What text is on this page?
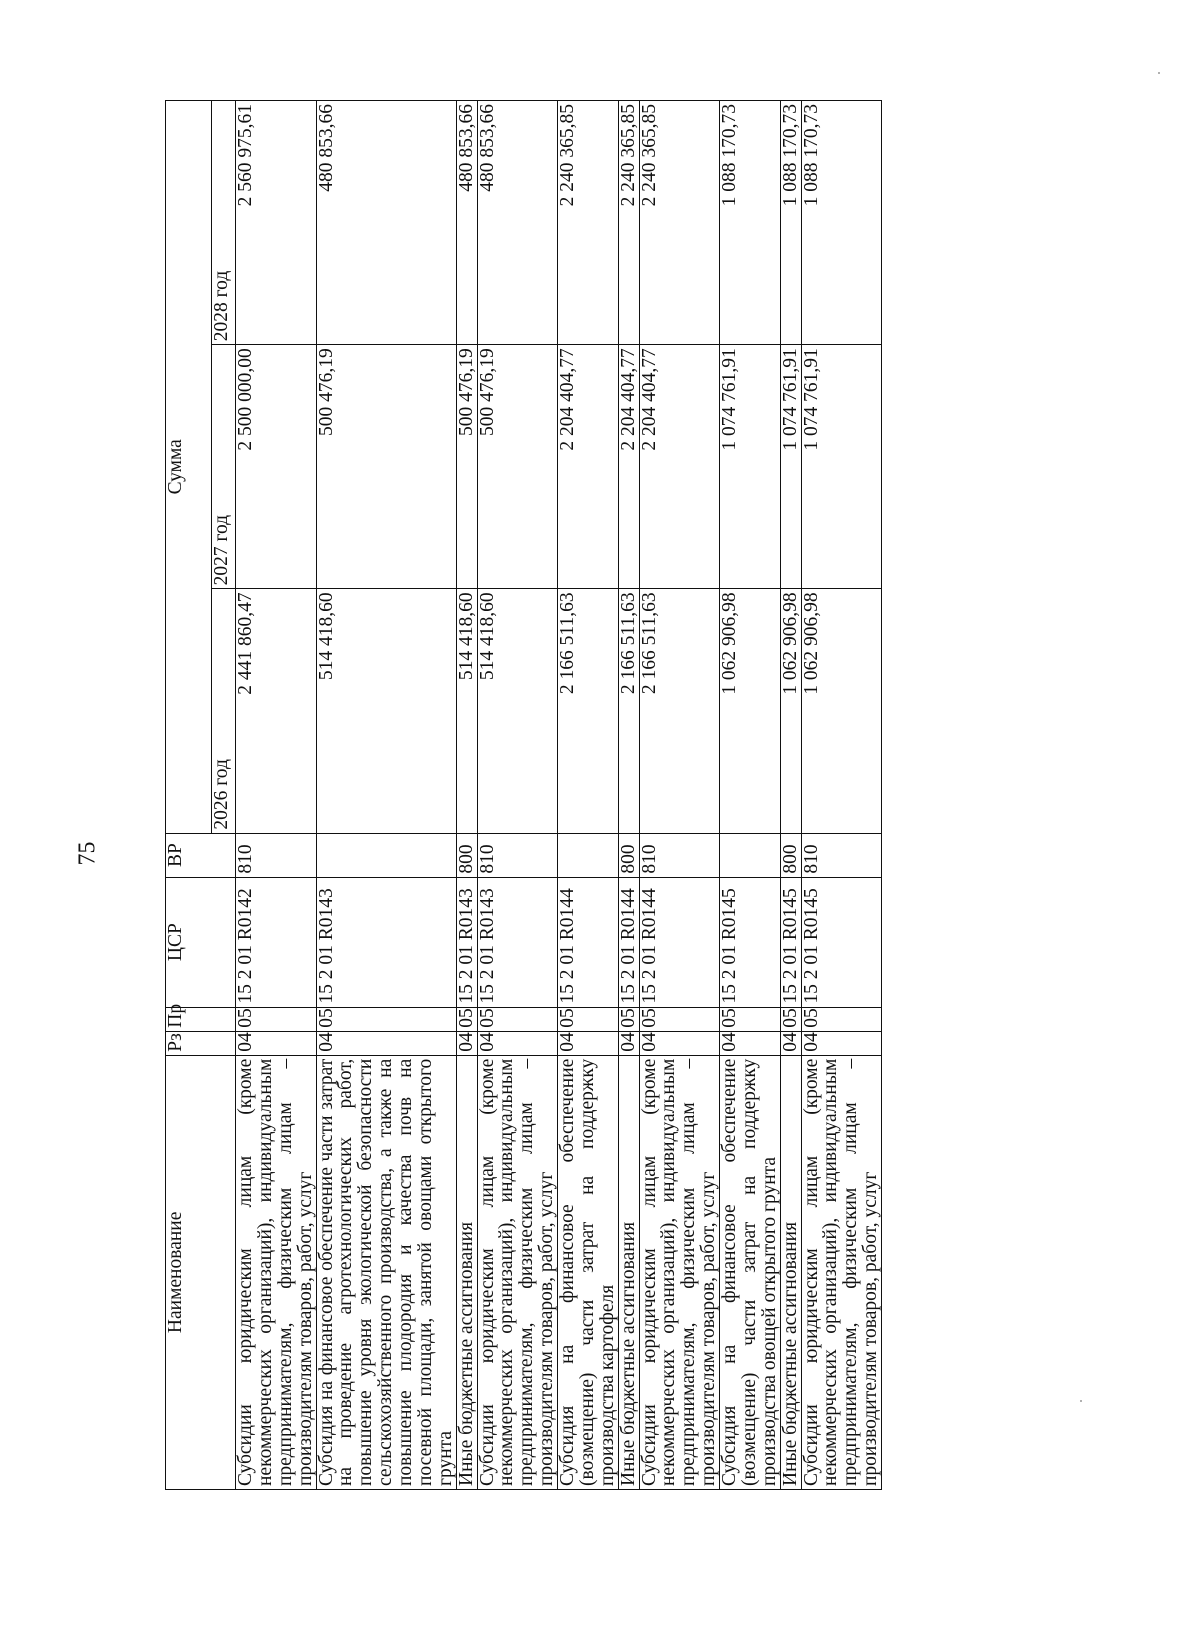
75
Наименование	Рз	Пр	ЦСР	ВР	Сумма		
					2026 год	2027 год	2028 год
Субсидии юридическим лицам (кроме некоммерческих организаций), индивидуальным предпринимателям, физическим лицам – производителям товаров, работ, услуг	04	05	15 2 01 R0142	810	2 441 860,47	2 500 000,00	2 560 975,61
Субсидия на финансовое обеспечение части затрат на проведение агротехнологических работ, повышение уровня экологической безопасности сельскохозяйственного производства, а также на повышение плодородия и качества почв на посевной площади, занятой овощами открытого грунта	04	05	15 2 01 R0143		514 418,60	500 476,19	480 853,66
Иные бюджетные ассигнования	04	05	15 2 01 R0143	800	514 418,60	500 476,19	480 853,66
Субсидии юридическим лицам (кроме некоммерческих организаций), индивидуальным предпринимателям, физическим лицам – производителям товаров, работ, услуг	04	05	15 2 01 R0143	810	514 418,60	500 476,19	480 853,66
Субсидия на финансовое обеспечение (возмещение) части затрат на поддержку производства картофеля	04	05	15 2 01 R0144		2 166 511,63	2 204 404,77	2 240 365,85
Иные бюджетные ассигнования	04	05	15 2 01 R0144	800	2 166 511,63	2 204 404,77	2 240 365,85
Субсидии юридическим лицам (кроме некоммерческих организаций), индивидуальным предпринимателям, физическим лицам – производителям товаров, работ, услуг	04	05	15 2 01 R0144	810	2 166 511,63	2 204 404,77	2 240 365,85
Субсидия на финансовое обеспечение (возмещение) части затрат на поддержку производства овощей открытого грунта	04	05	15 2 01 R0145		1 062 906,98	1 074 761,91	1 088 170,73
Иные бюджетные ассигнования	04	05	15 2 01 R0145	800	1 062 906,98	1 074 761,91	1 088 170,73
Субсидии юридическим лицам (кроме некоммерческих организаций), индивидуальным предпринимателям, физическим лицам – производителям товаров, работ, услуг	04	05	15 2 01 R0145	810	1 062 906,98	1 074 761,91	1 088 170,73
